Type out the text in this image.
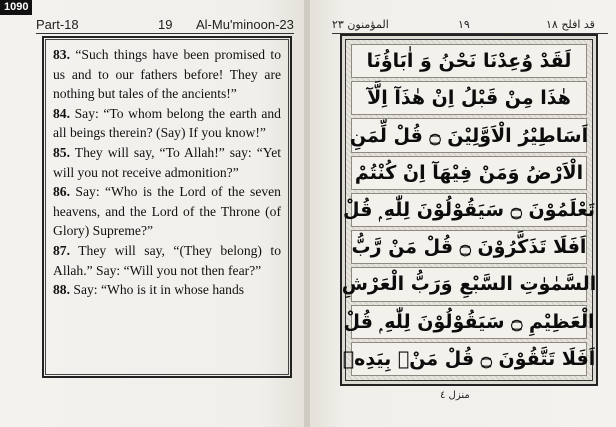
1090
Part-18	19 Al-Mu'minoon-23

83. “Such things have been promised to us and to our fathers before! They are nothing but tales of the ancients!”

84. Say: “To whom belong the earth and all beings therein? (Say) If you know!”

85. They will say, “To Allah!” say: “Yet will you not receive admonition?”

86. Say: “Who is the Lord of the seven heavens, and the Lord of the Throne (of Glory) Supreme?”

87. They will say, “(They belong) to Allah.” Say: “Will you not then fear?”

88. Say: “Who is it in whose hands

المؤمنون ٢٣	١٩	قد افلح ١٨
لَقَدْ وُعِدْنَا نَحْنُ وَ اٰبَاؤُنَا
هٰذَا مِنْ قَبْلُ اِنْ هٰذَآ اِلَّآ
اَسَاطِيْرُ الْاَوَّلِيْنَ ۝ قُلْ لِّمَنِ
الْاَرْضُ وَمَنْ فِيْهَآ اِنْ كُنْتُمْ
تَعْلَمُوْنَ ۝ سَيَقُوْلُوْنَ لِلّٰهِ ۭ قُلْ
اَفَلَا تَذَكَّرُوْنَ ۝ قُلْ مَنْ رَّبُّ
السَّمٰوٰتِ السَّبْعِ وَرَبُّ الْعَرْشِ
الْعَظِيْمِ ۝ سَيَقُوْلُوْنَ لِلّٰهِ ۭ قُلْ
اَفَلَا تَتَّقُوْنَ ۝ قُلْ مَنْۢ بِيَدِهٖ
منزل ٤
